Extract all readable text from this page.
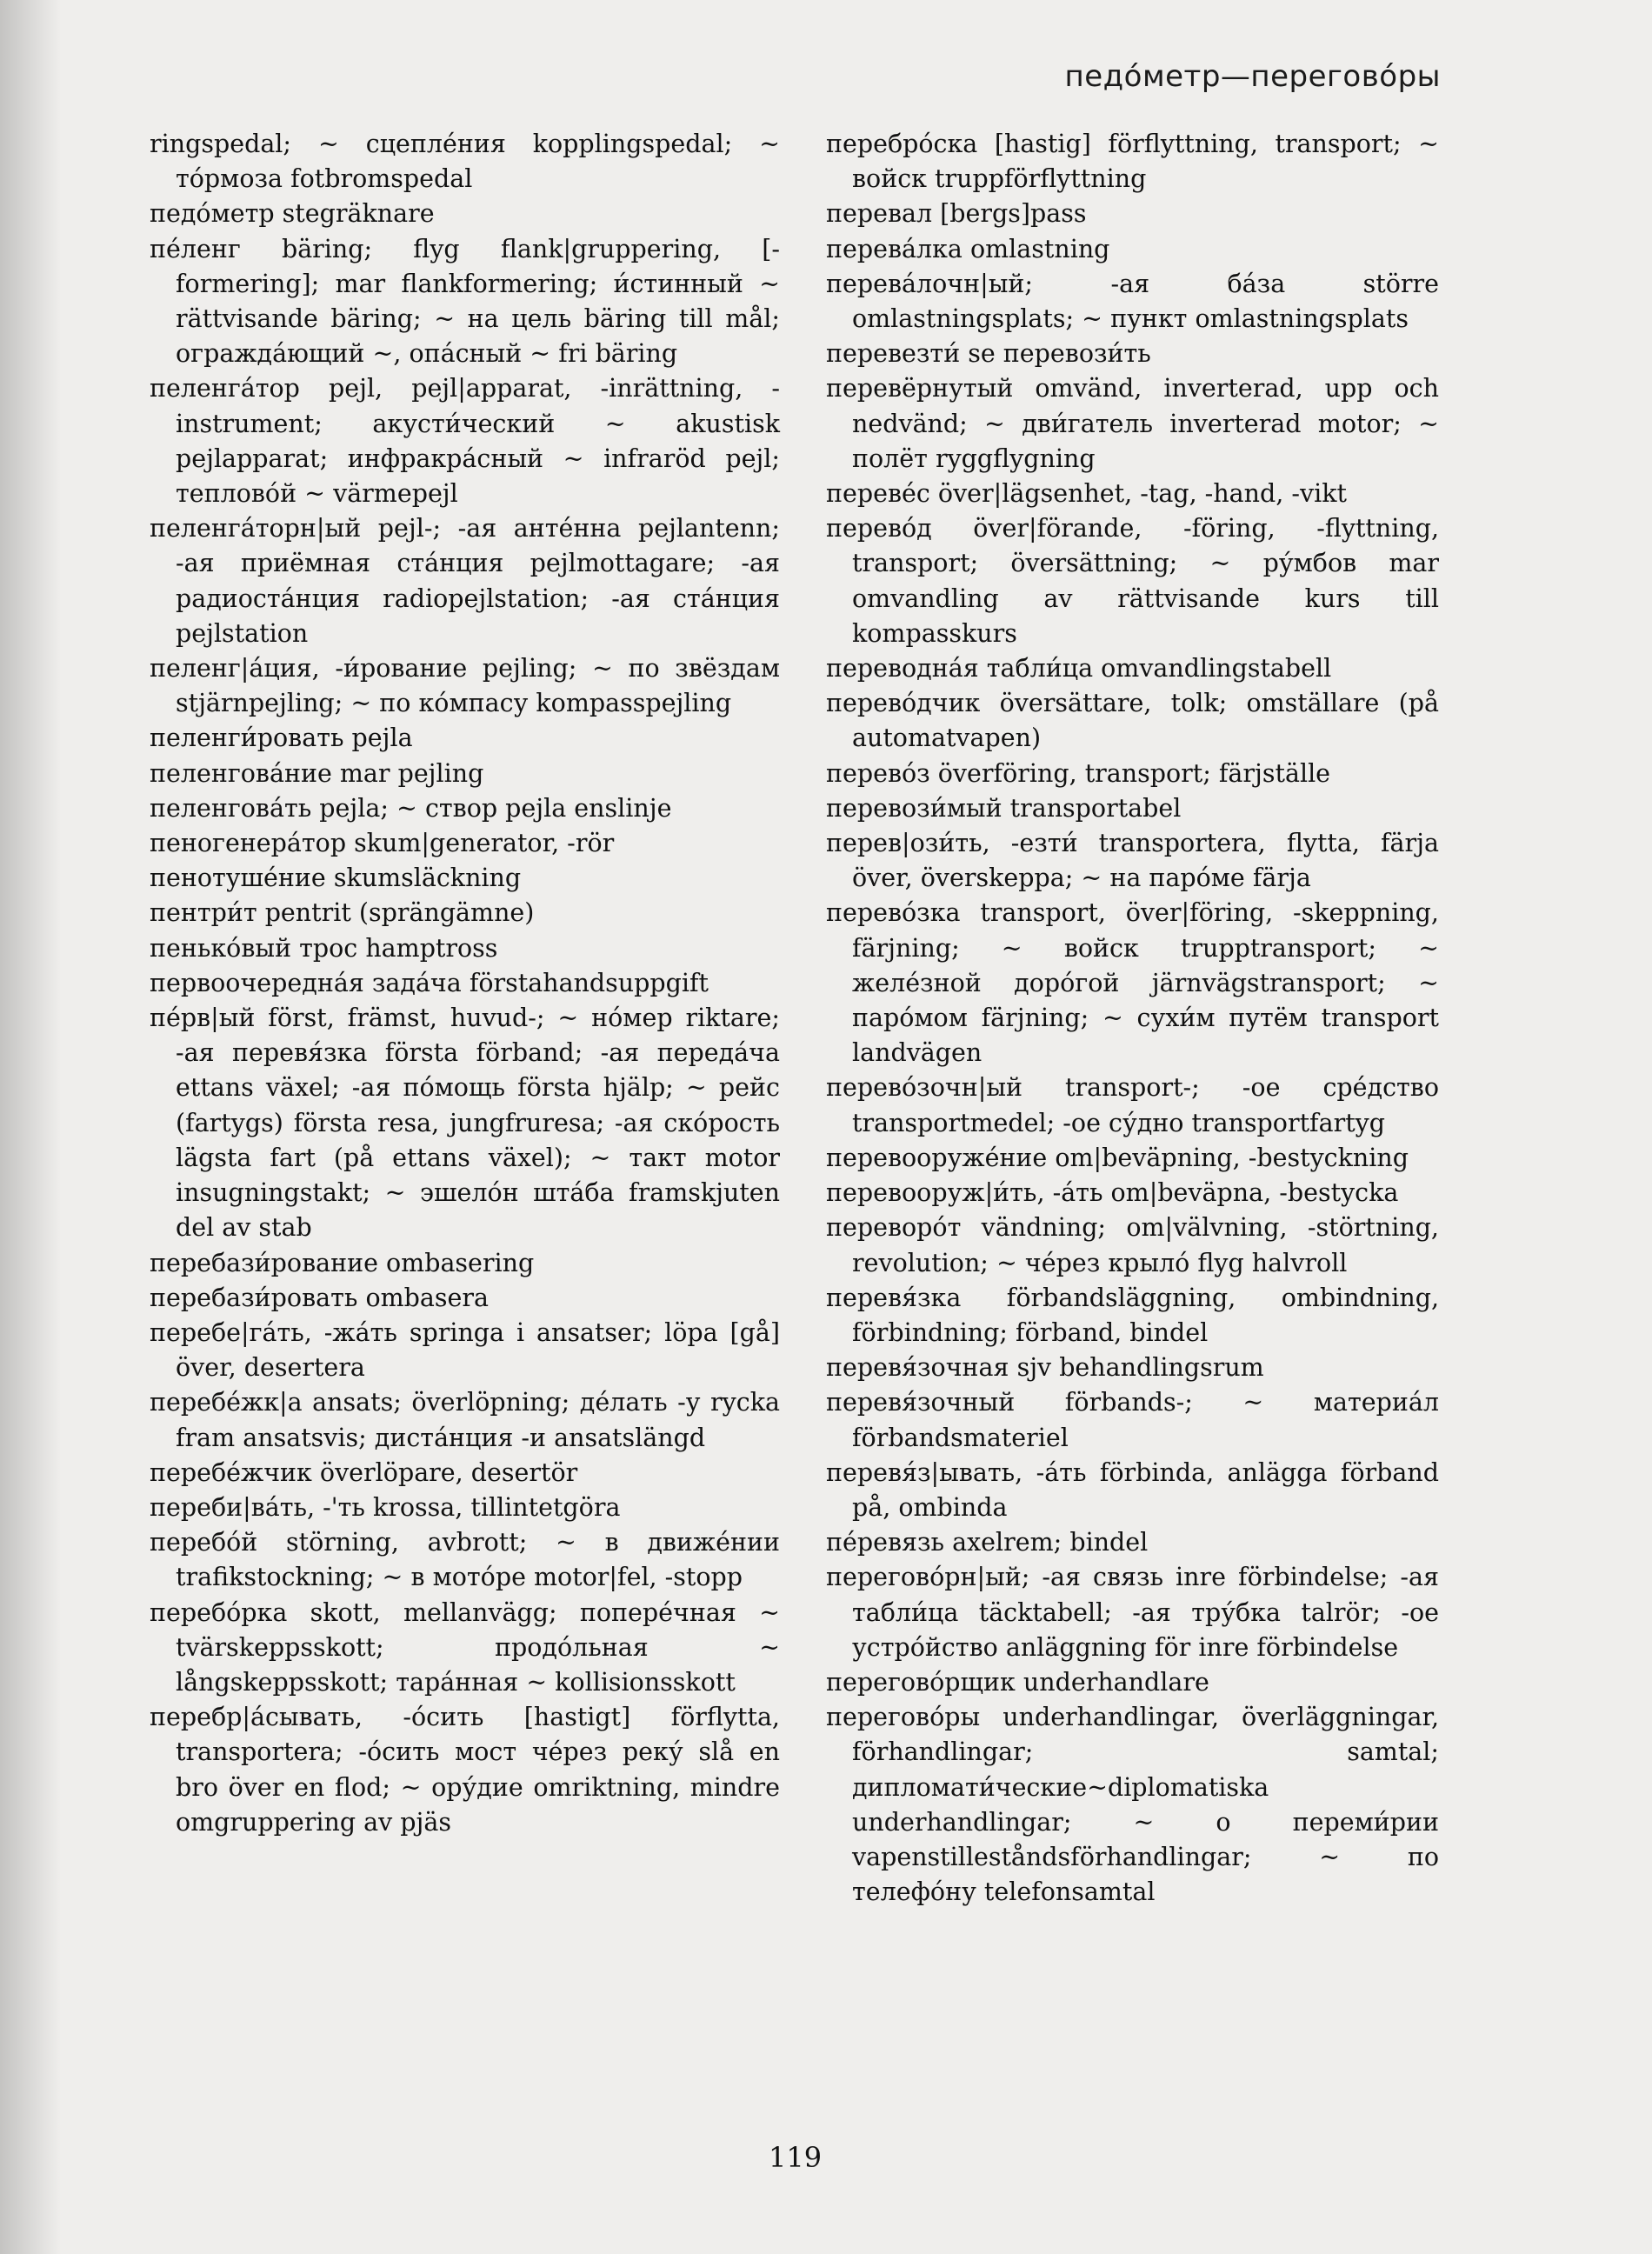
педóметр—переговóры
ringspedal; ~ сцеплéния kopplingspedal; ~ тóрмоза fotbromspedal
педóметр stegräknare
пéленг bäring; flyg flank|gruppering, [-formering]; mar flankformering; и́стинный ~ rättvisande bäring; ~ на цель bäring till mål; ограждáющий ~, опáсный ~ fri bäring
пеленгáтор pejl, pejl|apparat, -inrättning, -instrument; акусти́ческий ~ akustisk pejlapparat; инфракрáсный ~ infraröd pejl; теплово́й ~ värmepejl
пеленгáторн|ый pejl-; -ая антéнна pejlantenn; -ая приёмная стáнция pejlmottagare; -ая радиостáнция radiopejlstation; -ая стáнция pejlstation
пеленг|áция, -и́рование pejling; ~ по звёздам stjärnpejling; ~ по кóмпасу kompasspejling
пеленги́ровать pejla
пеленговáние mar pejling
пеленговáть pejla; ~ створ pejla enslinje
пеногенерáтор skum|generator, -rör
пенотушéние skumsläckning
пентри́т pentrit (sprängämne)
пенькóвый трос hamptross
первоочереднáя задáча förstahandsuppgift
пéрв|ый först, främst, huvud-; ~ нóмер riktare; -ая перевя́зка första förband; -ая передáча ettans växel; -ая пóмощь första hjälp; ~ рейс (fartygs) första resa, jungfruresa; -ая скóрость lägsta fart (på ettans växel); ~ такт motor insugningstakt; ~ эшелóн штáба framskjuten del av stab
перебази́рование ombasering
перебази́ровать ombasera
перебе|гáть, -жáть springa i ansatser; löpa [gå] över, desertera
перебéжк|а ansats; överlöpning; дéлать -у rycka fram ansatsvis; дистáнция -и ansatslängd
перебéжчик överlöpare, desertör
переби|вáть, -'ть krossa, tillintetgöra
перебóй störning, avbrott; ~ в движéнии trafikstockning; ~ в мотóре motor|fel, -stopp
перебóрка skott, mellanvägg; поперéчная ~ tvärskeppsskott; продóльная ~ långskeppsskott; тарáнная ~ kollisionsskott
перебр|áсывать, -óсить [hastigt] förflytta, transportera; -óсить мост чéрез реку́ slå en bro över en flod; ~ ору́дие omriktning, mindre omgruppering av pjäs
перебрóска [hastig] förflyttning, transport; ~ войск truppförflyttning
перевал [bergs]pass
перевáлка omlastning
перевáлочн|ый; -ая бáза större omlastningsplats; ~ пункт omlastningsplats
перевезти́ se перевози́ть
перевёрнутый omvänd, inverterad, upp och nedvänd; ~ дви́гатель inverterad motor; ~ полёт ryggflygning
перевéс över|lägsenhet, -tag, -hand, -vikt
перевóд över|förande, -föring, -flyttning, transport; översättning; ~ ру́мбов mar omvandling av rättvisande kurs till kompasskurs
переводнáя табли́ца omvandlingstabell
перевóдчик översättare, tolk; omställare (på automatvapen)
перевóз överföring, transport; färjställe
перевози́мый transportabel
перев|ози́ть, -езти́ transportera, flytta, färja över, överskeppa; ~ на парóме färja
перевóзка transport, över|föring, -skeppning, färjning; ~ войск trupptransport; ~ желéзной дорóгой järnvägstransport; ~ парóмом färjning; ~ сухи́м путём transport landvägen
перевóзочн|ый transport-; -ое срéдство transportmedel; -ое су́дно transportfartyg
перевооружéние om|beväpning, -bestyckning
перевооруж|и́ть, -áть om|beväpna, -bestycka
переворóт vändning; om|välvning, -störtning, revolution; ~ чéрез крылó flyg halvroll
перевя́зка förbandsläggning, ombindning, förbindning; förband, bindel
перевя́зочная sjv behandlingsrum
перевя́зочный förbands-; ~ материáл förbandsmateriel
перевя́з|ывать, -áть förbinda, anlägga förband på, ombinda
пéревязь axelrem; bindel
переговóрн|ый; -ая связь inre förbindelse; -ая табли́ца täcktabell; -ая тру́бка talrör; -ое устрóйство anläggning för inre förbindelse
переговóрщик underhandlare
переговóры underhandlingar, överläggningar, förhandlingar; samtal; дипломати́ческие~diplomatiska underhandlingar; ~ о переми́рии vapenstilleståndsförhandlingar; ~ по телефóну telefonsamtal
119
